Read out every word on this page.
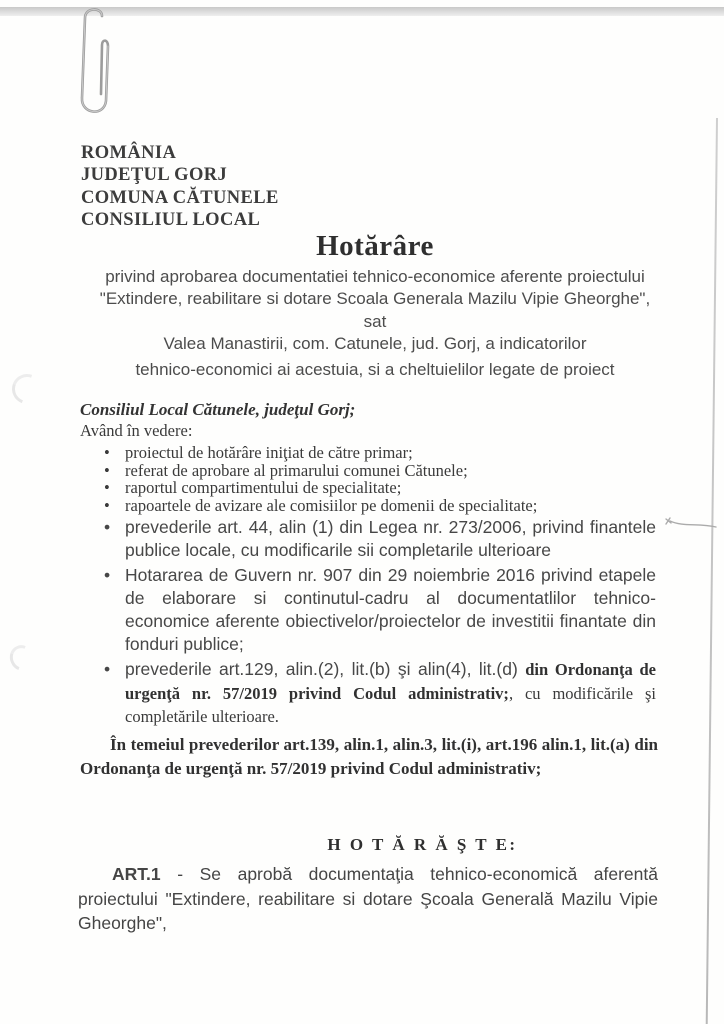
ROMÂNIA
JUDEŢUL GORJ
COMUNA CĂTUNELE
CONSILIUL LOCAL
Hotărâre
privind aprobarea documentatiei tehnico-economice aferente proiectului
"Extindere, reabilitare si dotare Scoala Generala Mazilu Vipie Gheorghe", sat
Valea Manastirii, com. Catunele, jud. Gorj, a indicatorilor
tehnico-economici ai acestuia, si a cheltuielilor legate de proiect
Consiliul Local Cătunele, judeţul Gorj;
Având în vedere:
• proiectul de hotărâre iniţiat de către primar;
• referat de aprobare al primarului comunei Cătunele;
• raportul compartimentului de specialitate;
• rapoartele de avizare ale comisiilor pe domenii de specialitate;
• prevederile art. 44, alin (1) din Legea nr. 273/2006, privind finantele publice locale, cu modificarile sii completarile ulterioare
• Hotararea de Guvern nr. 907 din 29 noiembrie 2016 privind etapele de elaborare si continutul-cadru al documentatlilor tehnico-economice aferente obiectivelor/proiectelor de investitii finantate din fonduri publice;
• prevederile art.129, alin.(2), lit.(b) şi alin(4), lit.(d) din Ordonanţa de urgenţă nr. 57/2019 privind Codul administrativ;, cu modificările şi completările ulterioare.
În temeiul prevederilor art.139, alin.1, alin.3, lit.(i), art.196 alin.1, lit.(a) din Ordonanţa de urgenţă nr. 57/2019 privind Codul administrativ;
H O T Ă R Ă Ş T E:
ART.1 - Se aprobă documentaţia tehnico-economică aferentă proiectului "Extindere, reabilitare si dotare Şcoala Generală Mazilu Vipie Gheorghe",
